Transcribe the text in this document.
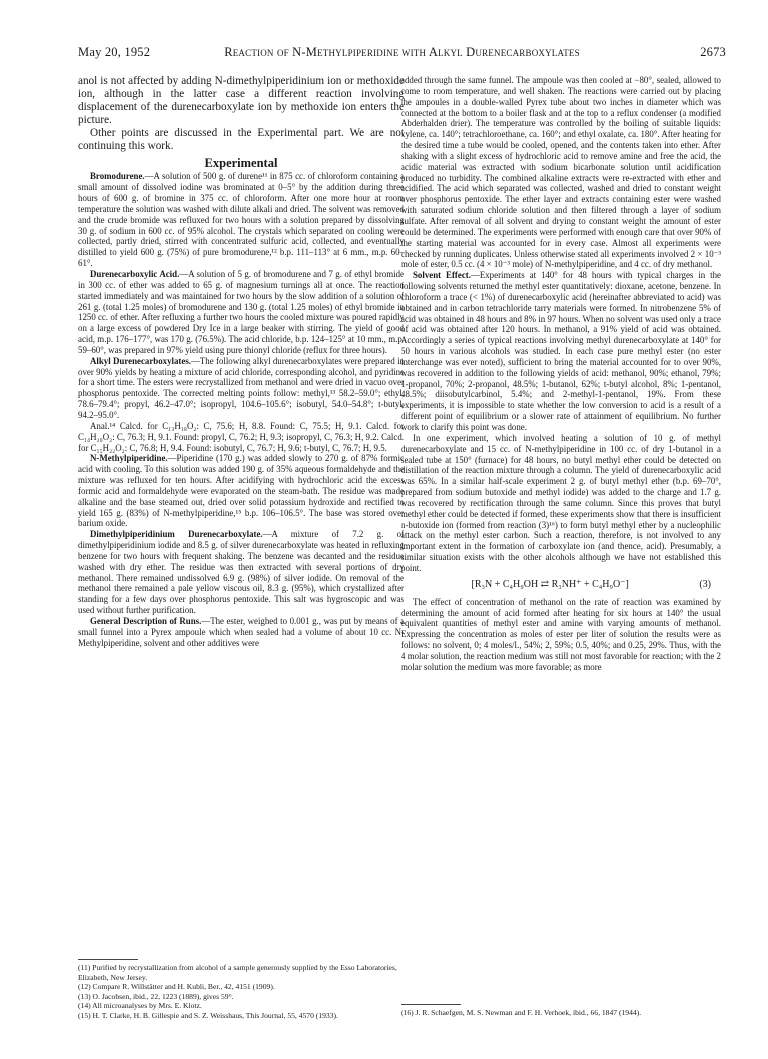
May 20, 1952	Reaction of N-Methylpiperidine with Alkyl Durenecarboxylates	2673

anol is not affected by adding N-dimethylpiperidinium ion or methoxide ion, although in the latter case a different reaction involving displacement of the durenecarboxylate ion by methoxide ion enters the picture.

Other points are discussed in the Experimental part. We are not continuing this work.

Experimental

Bromodurene.—A solution of 500 g. of durene¹¹ in 875 cc. of chloroform containing a small amount of dissolved iodine was brominated at 0–5° by the addition during three hours of 600 g. of bromine in 375 cc. of chloroform. After one more hour at room temperature the solution was washed with dilute alkali and dried. The solvent was removed and the crude bromide was refluxed for two hours with a solution prepared by dissolving 30 g. of sodium in 600 cc. of 95% alcohol. The crystals which separated on cooling were collected, partly dried, stirred with concentrated sulfuric acid, collected, and eventually distilled to yield 600 g. (75%) of pure bromodurene,¹² b.p. 111–113° at 6 mm., m.p. 60–61°.

Durenecarboxylic Acid.—A solution of 5 g. of bromodurene and 7 g. of ethyl bromide in 300 cc. of ether was added to 65 g. of magnesium turnings all at once. The reaction started immediately and was maintained for two hours by the slow addition of a solution of 261 g. (total 1.25 moles) of bromodurene and 130 g. (total 1.25 moles) of ethyl bromide in 1250 cc. of ether. After refluxing a further two hours the cooled mixture was poured rapidly on a large excess of powdered Dry Ice in a large beaker with stirring. The yield of good acid, m.p. 176–177°, was 170 g. (76.5%). The acid chloride, b.p. 124–125° at 10 mm., m.p. 59–60°, was prepared in 97% yield using pure thionyl chloride (reflux for three hours).

Alkyl Durenecarboxylates.—The following alkyl durenecarboxylates were prepared in over 90% yields by heating a mixture of acid chloride, corresponding alcohol, and pyridine for a short time. The esters were recrystallized from methanol and were dried in vacuo over phosphorus pentoxide. The corrected melting points follow: methyl,¹³ 58.2–59.0°; ethyl, 78.6–79.4°; propyl, 46.2–47.0°; isopropyl, 104.6–105.6°; isobutyl, 54.0–54.8°; t-butyl, 94.2–95.0°.

Anal.¹⁴ Calcd. for C₁₃H₁₈O₂: C, 75.6; H, 8.8. Found: C, 75.5; H, 9.1. Calcd. for C₁₄H₂₀O₂: C, 76.3; H, 9.1. Found: propyl, C, 76.2; H, 9.3; isopropyl, C, 76.3; H, 9.2. Calcd. for C₁₅H₂₂O₂: C, 76.8; H, 9.4. Found: isobutyl, C, 76.7; H, 9.6; t-butyl, C, 76.7; H, 9.5.

N-Methylpiperidine.—Piperidine (170 g.) was added slowly to 270 g. of 87% formic acid with cooling. To this solution was added 190 g. of 35% aqueous formaldehyde and the mixture was refluxed for ten hours. After acidifying with hydrochloric acid the excess formic acid and formaldehyde were evaporated on the steam-bath. The residue was made alkaline and the base steamed out, dried over solid potassium hydroxide and rectified to yield 165 g. (83%) of N-methylpiperidine,¹⁵ b.p. 106–106.5°. The base was stored over barium oxide.

Dimethylpiperidinium Durenecarboxylate.—A mixture of 7.2 g. of dimethylpiperidinium iodide and 8.5 g. of silver durenecarboxylate was heated in refluxing benzene for two hours with frequent shaking. The benzene was decanted and the residue washed with dry ether. The residue was then extracted with several portions of dry methanol. There remained undissolved 6.9 g. (98%) of silver iodide. On removal of the methanol there remained a pale yellow viscous oil, 8.3 g. (95%), which crystallized after standing for a few days over phosphorus pentoxide. This salt was hygroscopic and was used without further purification.

General Description of Runs.—The ester, weighed to 0.001 g., was put by means of a small funnel into a Pyrex ampoule which when sealed had a volume of about 10 cc. N-Methylpiperidine, solvent and other additives were

(11) Purified by recrystallization from alcohol of a sample generously supplied by the Esso Laboratories, Elizabeth, New Jersey.
(12) Compare R. Willstätter and H. Kubli, Ber., 42, 4151 (1909).
(13) O. Jacobsen, ibid., 22, 1223 (1889), gives 59°.
(14) All microanalyses by Mrs. E. Klotz.
(15) H. T. Clarke, H. B. Gillespie and S. Z. Weisshaus, This Journal, 55, 4570 (1933).

added through the same funnel. The ampoule was then cooled at −80°, sealed, allowed to come to room temperature, and well shaken. The reactions were carried out by placing the ampoules in a double-walled Pyrex tube about two inches in diameter which was connected at the bottom to a boiler flask and at the top to a reflux condenser (a modified Abderhalden drier). The temperature was controlled by the boiling of suitable liquids: xylene, ca. 140°; tetrachloroethane, ca. 160°; and ethyl oxalate, ca. 180°. After heating for the desired time a tube would be cooled, opened, and the contents taken into ether. After shaking with a slight excess of hydrochloric acid to remove amine and free the acid, the acidic material was extracted with sodium bicarbonate solution until acidification produced no turbidity. The combined alkaline extracts were re-extracted with ether and acidified. The acid which separated was collected, washed and dried to constant weight over phosphorus pentoxide. The ether layer and extracts containing ester were washed with saturated sodium chloride solution and then filtered through a layer of sodium sulfate. After removal of all solvent and drying to constant weight the amount of ester could be determined. The experiments were performed with enough care that over 90% of the starting material was accounted for in every case. Almost all experiments were checked by running duplicates. Unless otherwise stated all experiments involved 2 × 10⁻³ mole of ester, 0.5 cc. (4 × 10⁻³ mole) of N-methylpiperidine, and 4 cc. of dry methanol.

Solvent Effect.—Experiments at 140° for 48 hours with typical charges in the following solvents returned the methyl ester quantitatively: dioxane, acetone, benzene. In chloroform a trace (< 1%) of durenecarboxylic acid (hereinafter abbreviated to acid) was obtained and in carbon tetrachloride tarry materials were formed. In nitrobenzene 5% of acid was obtained in 48 hours and 8% in 97 hours. When no solvent was used only a trace of acid was obtained after 120 hours. In methanol, a 91% yield of acid was obtained. Accordingly a series of typical reactions involving methyl durenecarboxylate at 140° for 50 hours in various alcohols was studied. In each case pure methyl ester (no ester interchange was ever noted), sufficient to bring the material accounted for to over 90%, was recovered in addition to the following yields of acid: methanol, 90%; ethanol, 79%; 1-propanol, 70%; 2-propanol, 48.5%; 1-butanol, 62%; t-butyl alcohol, 8%; 1-pentanol, 48.5%; diisobutylcarbinol, 5.4%; and 2-methyl-1-pentanol, 19%. From these experiments, it is impossible to state whether the low conversion to acid is a result of a different point of equilibrium or a slower rate of attainment of equilibrium. No further work to clarify this point was done.

In one experiment, which involved heating a solution of 10 g. of methyl durenecarboxylate and 15 cc. of N-methylpiperidine in 100 cc. of dry 1-butanol in a sealed tube at 150° (furnace) for 48 hours, no butyl methyl ether could be detected on distillation of the reaction mixture through a column. The yield of durenecarboxylic acid was 65%. In a similar half-scale experiment 2 g. of butyl methyl ether (b.p. 69–70°, prepared from sodium butoxide and methyl iodide) was added to the charge and 1.7 g. was recovered by rectification through the same column. Since this proves that butyl methyl ether could be detected if formed, these experiments show that there is insufficient n-butoxide ion (formed from reaction (3)¹⁶) to form butyl methyl ether by a nucleophilic attack on the methyl ester carbon. Such a reaction, therefore, is not involved to any important extent in the formation of carboxylate ion (and thence, acid). Presumably, a similar situation exists with the other alcohols although we have not established this point.

[R₃N + C₄H₉OH ⇄ R₃NH⁺ + C₄H₉O⁻]	(3)

The effect of concentration of methanol on the rate of reaction was examined by determining the amount of acid formed after heating for six hours at 140° the usual equivalent quantities of methyl ester and amine with varying amounts of methanol. Expressing the concentration as moles of ester per liter of solution the results were as follows: no solvent, 0; 4 moles/l., 54%; 2, 59%; 0.5, 40%; and 0.25, 29%. Thus, with the 4 molar solution, the reaction medium was still not most favorable for reaction; with the 2 molar solution the medium was more favorable; as more

(16) J. R. Schaefgen, M. S. Newman and F. H. Verhoek, ibid., 66, 1847 (1944).
